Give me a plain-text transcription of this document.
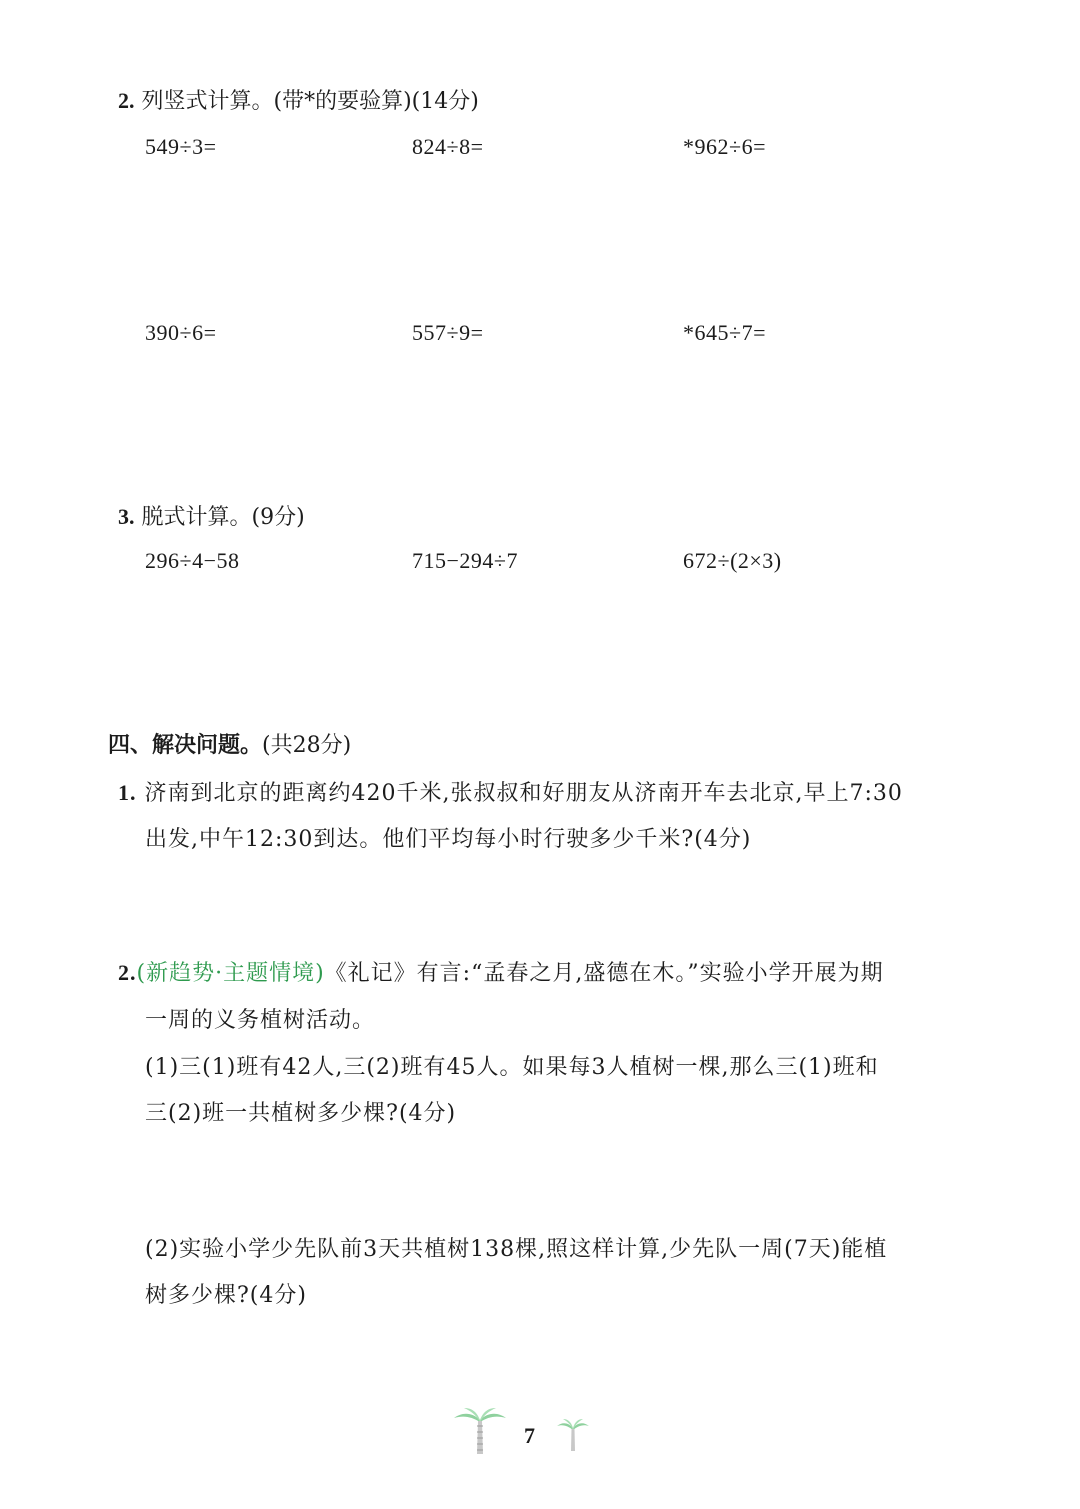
2. 列竖式计算。(带*的要验算)(14分)
549÷3=	824÷8=	*962÷6=
390÷6=	557÷9=	*645÷7=
3. 脱式计算。(9分)
296÷4−58	715−294÷7	672÷(2×3)
四、解决问题。(共28分)
1. 济南到北京的距离约420千米,张叔叔和好朋友从济南开车去北京,早上7:30
出发,中午12:30到达。他们平均每小时行驶多少千米?(4分)
2.(新趋势·主题情境)《礼记》有言:“孟春之月,盛德在木。”实验小学开展为期
一周的义务植树活动。
(1)三(1)班有42人,三(2)班有45人。如果每3人植树一棵,那么三(1)班和
三(2)班一共植树多少棵?(4分)
(2)实验小学少先队前3天共植树138棵,照这样计算,少先队一周(7天)能植
树多少棵?(4分)
7
